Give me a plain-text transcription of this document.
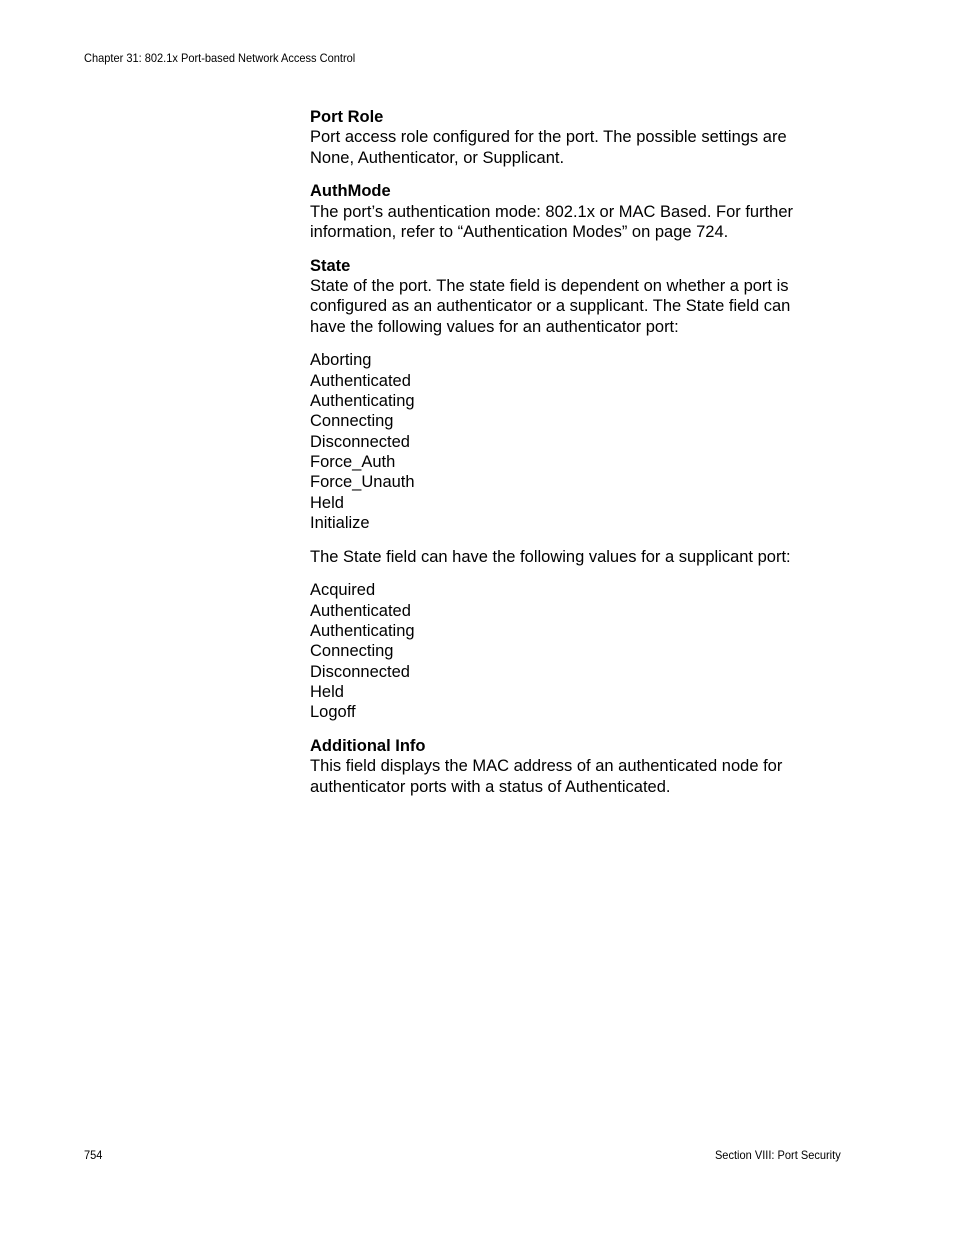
Chapter 31: 802.1x Port-based Network Access Control
Port Role

Port access role configured for the port. The possible settings are
None, Authenticator, or Supplicant.

AuthMode

The port’s authentication mode: 802.1x or MAC Based. For further
information, refer to “Authentication Modes” on page 724.

State

State of the port. The state field is dependent on whether a port is
configured as an authenticator or a supplicant. The State field can
have the following values for an authenticator port:

Aborting
Authenticated
Authenticating
Connecting
Disconnected
Force_Auth
Force_Unauth
Held
Initialize

The State field can have the following values for a supplicant port:

Acquired
Authenticated
Authenticating
Connecting
Disconnected
Held
Logoff
Additional Info

This field displays the MAC address of an authenticated node for
authenticator ports with a status of Authenticated.

754	Section VIII: Port Security
